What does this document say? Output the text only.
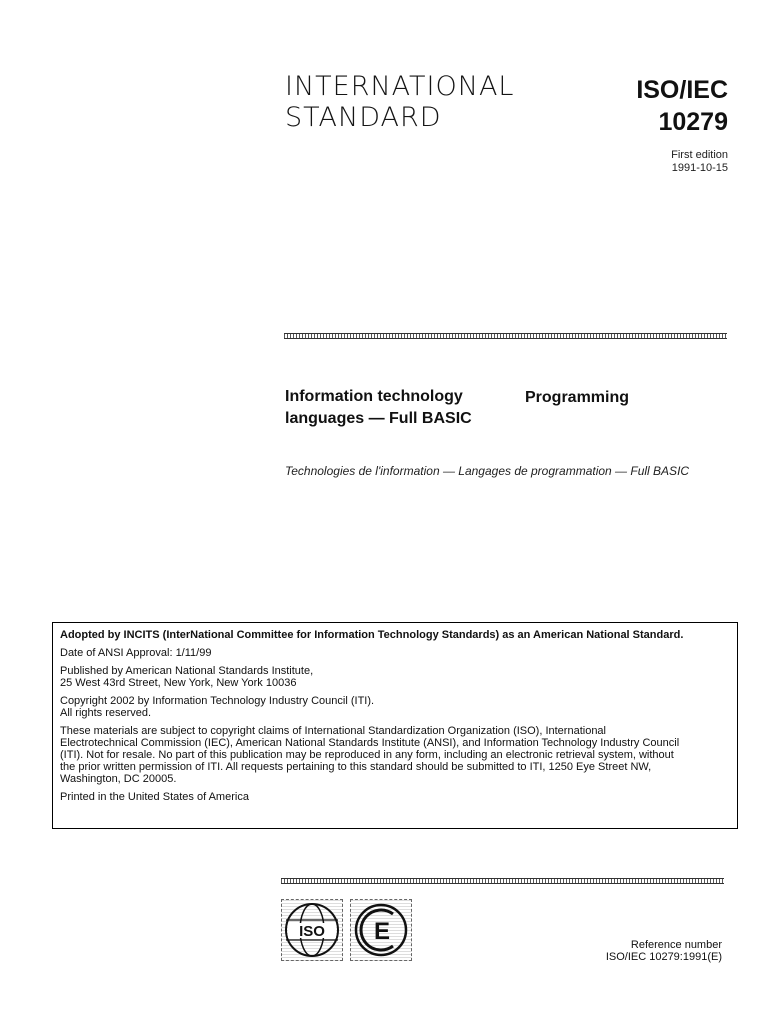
INTERNATIONAL
STANDARD
ISO/IEC
10279
First edition
1991-10-15
Information technology	Programming
languages — Full BASIC
Technologies de l'information — Langages de programmation — Full BASIC

Adopted by INCITS (InterNational Committee for Information Technology Standards) as an American National Standard.

Date of ANSI Approval: 1/11/99

Published by American National Standards Institute,
25 West 43rd Street, New York, New York 10036

Copyright 2002 by Information Technology Industry Council (ITI).
All rights reserved.

These materials are subject to copyright claims of International Standardization Organization (ISO), International
Electrotechnical Commission (IEC), American National Standards Institute (ANSI), and Information Technology Industry Council
(ITI). Not for resale. No part of this publication may be reproduced in any form, including an electronic retrieval system, without
the prior written permission of ITI. All requests pertaining to this standard should be submitted to ITI, 1250 Eye Street NW,
Washington, DC 20005.

Printed in the United States of America

ISO E	Reference number
ISO/IEC 10279:1991(E)
